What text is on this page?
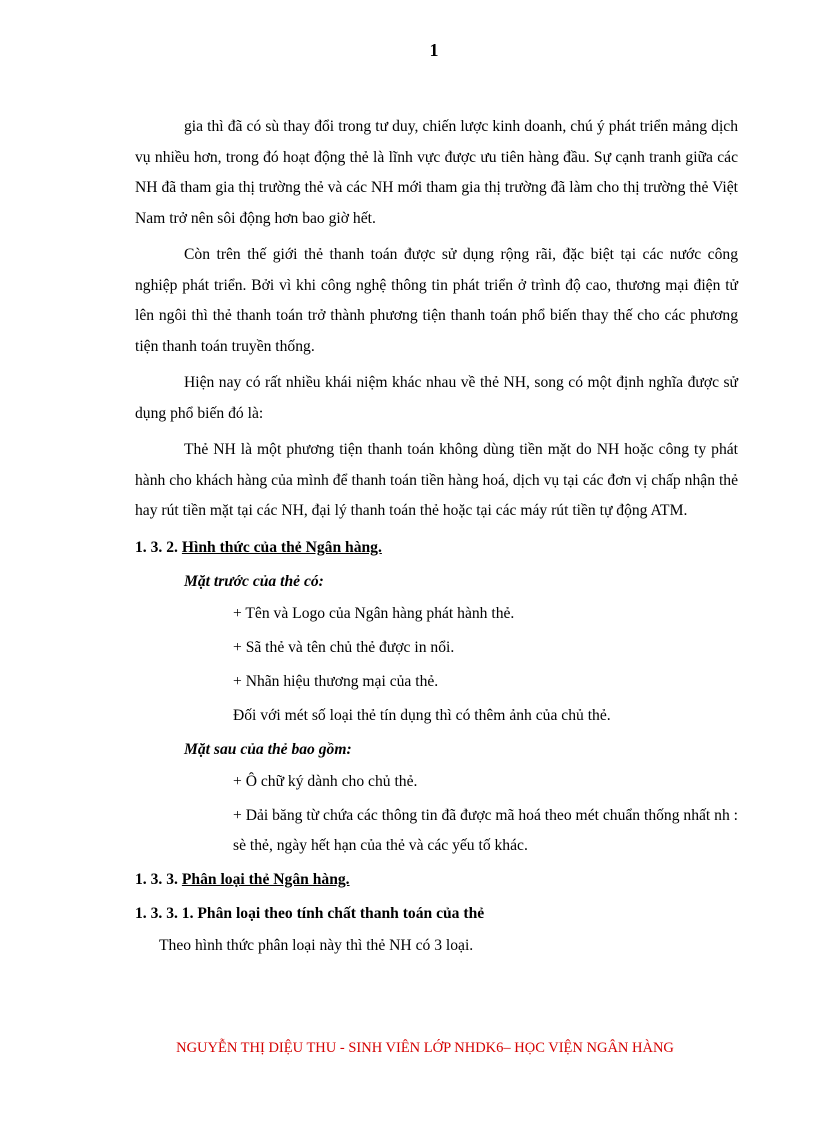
1

gia thì đã có sù thay đổi trong tư duy, chiến lược kinh doanh, chú ý phát triển mảng dịch vụ nhiều hơn, trong đó hoạt động thẻ là lĩnh vực được ưu tiên hàng đầu. Sự cạnh tranh giữa các NH đã tham gia thị trường thẻ và các NH mới tham gia thị trường đã làm cho thị trường thẻ Việt Nam trở nên sôi động hơn bao giờ hết.

Còn trên thế giới thẻ thanh toán được sử dụng rộng rãi, đặc biệt tại các nước công nghiệp phát triển. Bởi vì khi công nghệ thông tin phát triển ở trình độ cao, thương mại điện tử lên ngôi thì thẻ thanh toán trở thành phương tiện thanh toán phổ biến thay thế cho các phương tiện thanh toán truyền thống.

Hiện nay có rất nhiều khái niệm khác nhau về thẻ NH, song có một định nghĩa được sử dụng phổ biến đó là:

Thẻ NH là một phương tiện thanh toán không dùng tiền mặt do NH hoặc công ty phát hành cho khách hàng của mình để thanh toán tiền hàng hoá, dịch vụ tại các đơn vị chấp nhận thẻ hay rút tiền mặt tại các NH, đại lý thanh toán thẻ hoặc tại các máy rút tiền tự động ATM.

1. 3. 2. Hình thức của thẻ Ngân hàng.
Mặt trước của thẻ có:
+ Tên và Logo của Ngân hàng phát hành thẻ.
+ Sã thẻ và tên chủ thẻ được in nổi.
+ Nhãn hiệu thương mại của thẻ.
Đối với mét số loại thẻ tín dụng thì có thêm ảnh của chủ thẻ.
Mặt sau của thẻ bao gồm:
+ Ô chữ ký dành cho chủ thẻ.
+ Dải băng từ chứa các thông tin đã được mã hoá theo mét chuẩn thống nhất nh : sè thẻ, ngày hết hạn của thẻ và các yếu tố khác.
1. 3. 3. Phân loại thẻ Ngân hàng.
1. 3. 3. 1. Phân loại theo tính chất thanh toán của thẻ
Theo hình thức phân loại này thì thẻ NH có 3 loại.
NGUYỄN THỊ DIỆU THU - SINH VIÊN LỚP NHDK6– HỌC VIỆN NGÂN HÀNG
